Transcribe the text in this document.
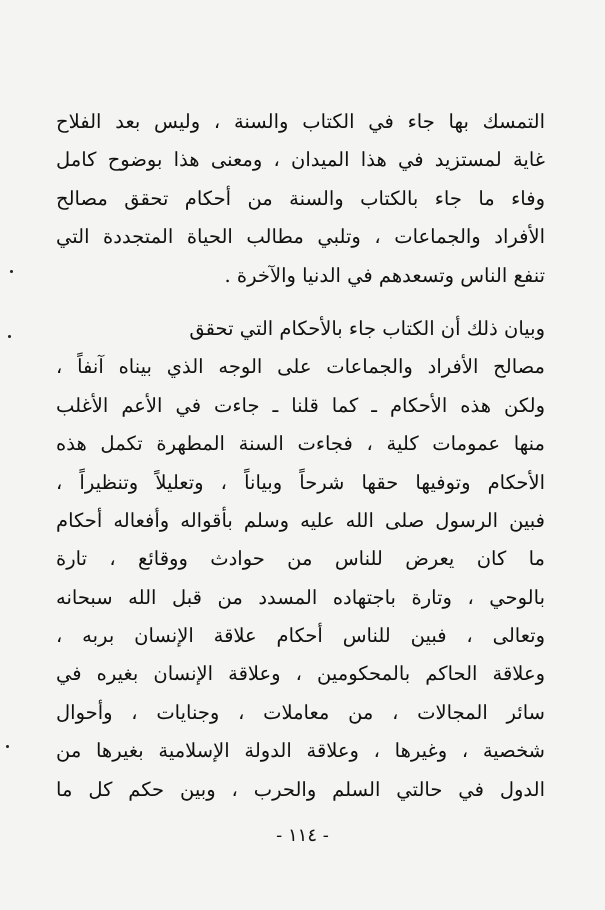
التمسك بها جاء في الكتاب والسنة ، وليس بعد الفلاح
غاية لمستزيد في هذا الميدان ، ومعنى هذا بوضوح كامل
وفاء ما جاء بالكتاب والسنة من أحكام تحقق مصالح
الأفراد والجماعات ، وتلبي مطالب الحياة المتجددة التي
تنفع الناس وتسعدهم في الدنيا والآخرة .
وبيان ذلك أن الكتاب جاء بالأحكام التي تحقق
مصالح الأفراد والجماعات على الوجه الذي بيناه آنفاً ،
ولكن هذه الأحكام ـ كما قلنا ـ جاءت في الأعم الأغلب
منها عمومات كلية ، فجاءت السنة المطهرة تكمل هذه
الأحكام وتوفيها حقها شرحاً وبياناً ، وتعليلاً وتنظيراً ،
فبين الرسول صلى الله عليه وسلم بأقواله وأفعاله أحكام
ما كان يعرض للناس من حوادث ووقائع ، تارة
بالوحي ، وتارة باجتهاده المسدد من قبل الله سبحانه
وتعالى ، فبين للناس أحكام علاقة الإنسان بربه ،
وعلاقة الحاكم بالمحكومين ، وعلاقة الإنسان بغيره في
سائر المجالات ، من معاملات ، وجنايات ، وأحوال
شخصية ، وغيرها ، وعلاقة الدولة الإسلامية بغيرها من
الدول في حالتي السلم والحرب ، وبين حكم كل ما
- ١١٤ -
